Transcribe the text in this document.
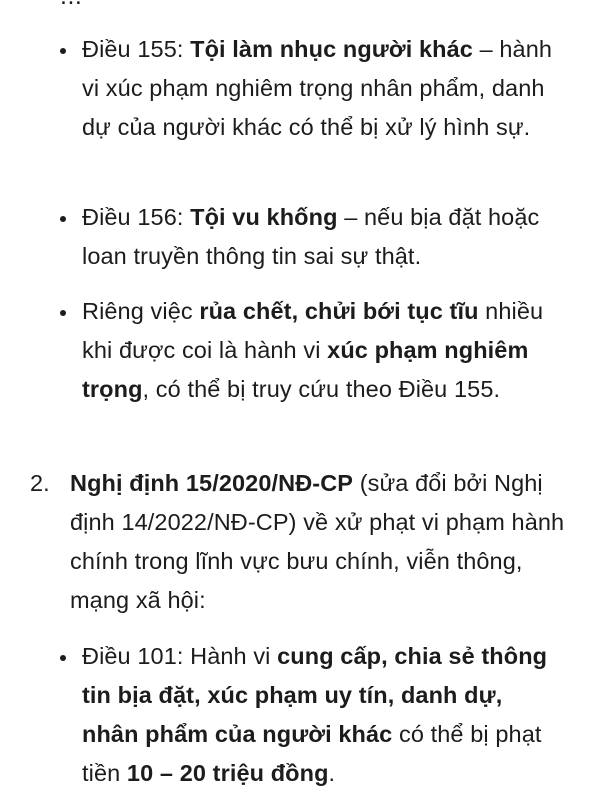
Điều 155: Tội làm nhục người khác – hành vi xúc phạm nghiêm trọng nhân phẩm, danh dự của người khác có thể bị xử lý hình sự.
Điều 156: Tội vu khống – nếu bịa đặt hoặc loan truyền thông tin sai sự thật.
Riêng việc rủa chết, chửi bới tục tĩu nhiều khi được coi là hành vi xúc phạm nghiêm trọng, có thể bị truy cứu theo Điều 155.
2. Nghị định 15/2020/NĐ-CP (sửa đổi bởi Nghị định 14/2022/NĐ-CP) về xử phạt vi phạm hành chính trong lĩnh vực bưu chính, viễn thông, mạng xã hội:
Điều 101: Hành vi cung cấp, chia sẻ thông tin bịa đặt, xúc phạm uy tín, danh dự, nhân phẩm của người khác có thể bị phạt tiền 10 – 20 triệu đồng.
